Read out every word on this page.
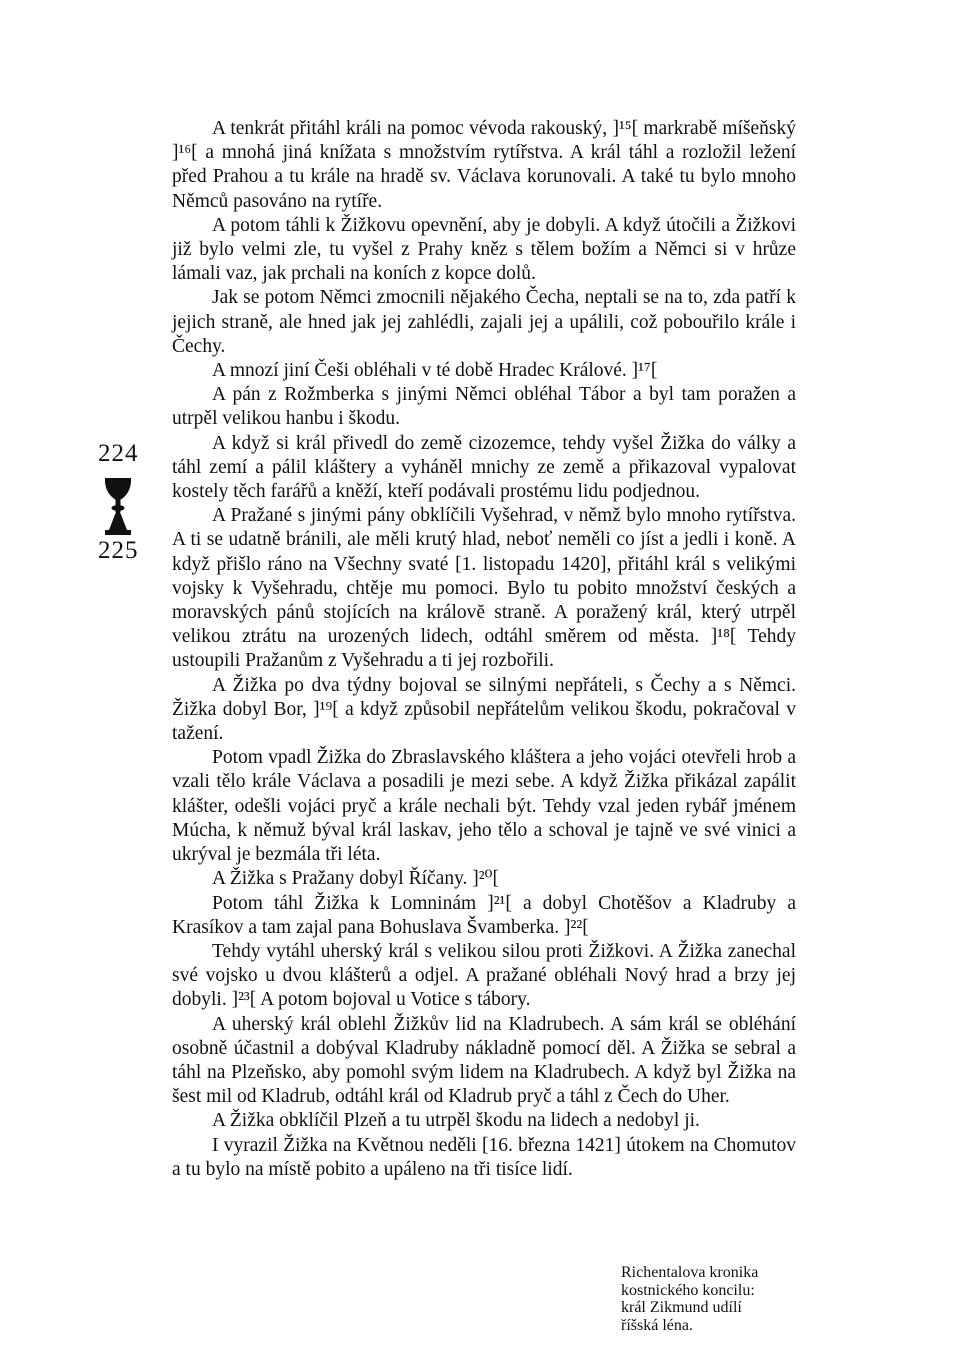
224
225

A tenkrát přitáhl králi na pomoc vévoda rakouský, ]¹⁵[ markrabě míšeňský ]¹⁶[ a mnohá jiná knížata s množstvím rytířstva. A král táhl a rozložil ležení před Prahou a tu krále na hradě sv. Václava korunovali. A také tu bylo mnoho Němců pasováno na rytíře.

A potom táhli k Žižkovu opevnění, aby je dobyli. A když útočili a Žižkovi již bylo velmi zle, tu vyšel z Prahy kněz s tělem božím a Němci si v hrůze lámali vaz, jak prchali na koních z kopce dolů.

Jak se potom Němci zmocnili nějakého Čecha, neptali se na to, zda patří k jejich straně, ale hned jak jej zahlédli, zajali jej a upálili, což pobouřilo krále i Čechy.

A mnozí jiní Češi obléhali v té době Hradec Králové. ]¹⁷[

A pán z Rožmberka s jinými Němci obléhal Tábor a byl tam poražen a utrpěl velikou hanbu i škodu.

A když si král přivedl do země cizozemce, tehdy vyšel Žižka do války a táhl zemí a pálil kláštery a vyháněl mnichy ze země a přikazoval vypalovat kostely těch farářů a kněží, kteří podávali prostému lidu podjednou.

A Pražané s jinými pány obklíčili Vyšehrad, v němž bylo mnoho rytířstva. A ti se udatně bránili, ale měli krutý hlad, neboť neměli co jíst a jedli i koně. A když přišlo ráno na Všechny svaté [1. listopadu 1420], přitáhl král s velikými vojsky k Vyšehradu, chtěje mu pomoci. Bylo tu pobito množství českých a moravských pánů stojících na královĕ straně. A poražený král, který utrpěl velikou ztrátu na urozených lidech, odtáhl směrem od města. ]¹⁸[ Tehdy ustoupili Pražanům z Vyšehradu a ti jej rozbořili.

A Žižka po dva týdny bojoval se silnými nepřáteli, s Čechy a s Němci. Žižka dobyl Bor, ]¹⁹[ a když způsobil nepřátelům velikou škodu, pokračoval v tažení.

Potom vpadl Žižka do Zbraslavského kláštera a jeho vojáci otevřeli hrob a vzali tělo krále Václava a posadili je mezi sebe. A když Žižka přikázal zapálit klášter, odešli vojáci pryč a krále nechali být. Tehdy vzal jeden rybář jménem Múcha, k němuž býval král laskav, jeho tělo a schoval je tajně ve své vinici a ukrýval je bezmála tři léta.

A Žižka s Pražany dobyl Říčany. ]²⁰[

Potom táhl Žižka k Lomninám ]²¹[ a dobyl Chotěšov a Kladruby a Krasíkov a tam zajal pana Bohuslava Švamberka. ]²²[

Tehdy vytáhl uherský král s velikou silou proti Žižkovi. A Žižka zanechal své vojsko u dvou klášterů a odjel. A pražané obléhali Nový hrad a brzy jej dobyli. ]²³[ A potom bojoval u Votice s tábory.

A uherský král oblehl Žižkův lid na Kladrubech. A sám král se obléhání osobně účastnil a dobýval Kladruby nákladně pomocí děl. A Žižka se sebral a táhl na Plzeňsko, aby pomohl svým lidem na Kladrubech. A když byl Žižka na šest mil od Kladrub, odtáhl král od Kladrub pryč a táhl z Čech do Uher.

A Žižka obklíčil Plzeň a tu utrpěl škodu na lidech a nedobyl ji.

I vyrazil Žižka na Květnou neděli [16. března 1421] útokem na Chomutov a tu bylo na místě pobito a upáleno na tři tisíce lidí.

Richentalova kronika
kostnického koncilu:
král Zikmund udílí
říšská léna.
